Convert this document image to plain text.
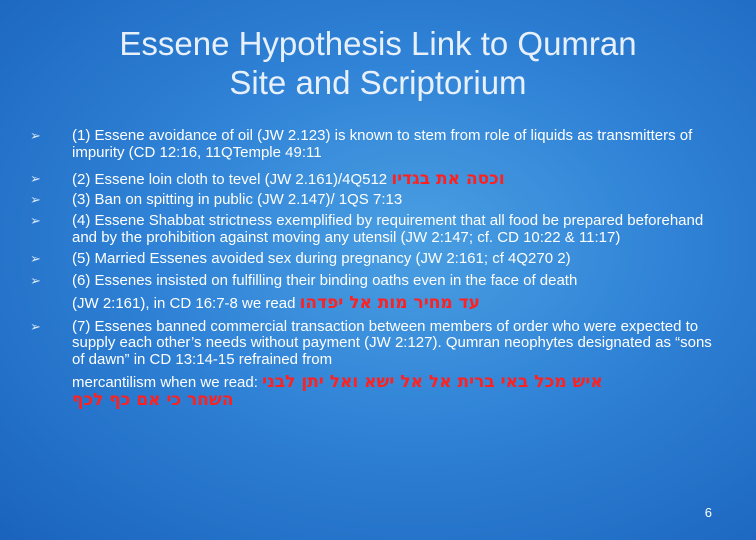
Essene Hypothesis Link to Qumran
Site and Scriptorium
➢ (1) Essene avoidance of oil (JW 2.123) is known to stem from role of liquids as transmitters of impurity (CD 12:16, 11QTemple 49:11
➢ (2) Essene loin cloth to tevel (JW 2.161)/4Q512 וכסה את בגדיו
➢ (3) Ban on spitting in public (JW 2.147)/ 1QS 7:13
➢ (4) Essene Shabbat strictness exemplified by requirement that all food be prepared beforehand and by the prohibition against moving any utensil (JW 2:147; cf. CD 10:22 & 11:17)
➢ (5) Married Essenes avoided sex during pregnancy (JW 2:161; cf 4Q270 2)
➢ (6) Essenes insisted on fulfilling their binding oaths even in the face of death
(JW 2:161), in CD 16:7-8 we read עד מחיר מות אל יפדהו
➢ (7) Essenes banned commercial transaction between members of order who were expected to supply each other’s needs without payment (JW 2:127). Qumran neophytes designated as “sons of dawn” in CD 13:14-15 refrained from
mercantilism when we read: איש מכל באי ברית אל אל ישא ואל יתן לבני
השחר כי אם כף לכף
6
